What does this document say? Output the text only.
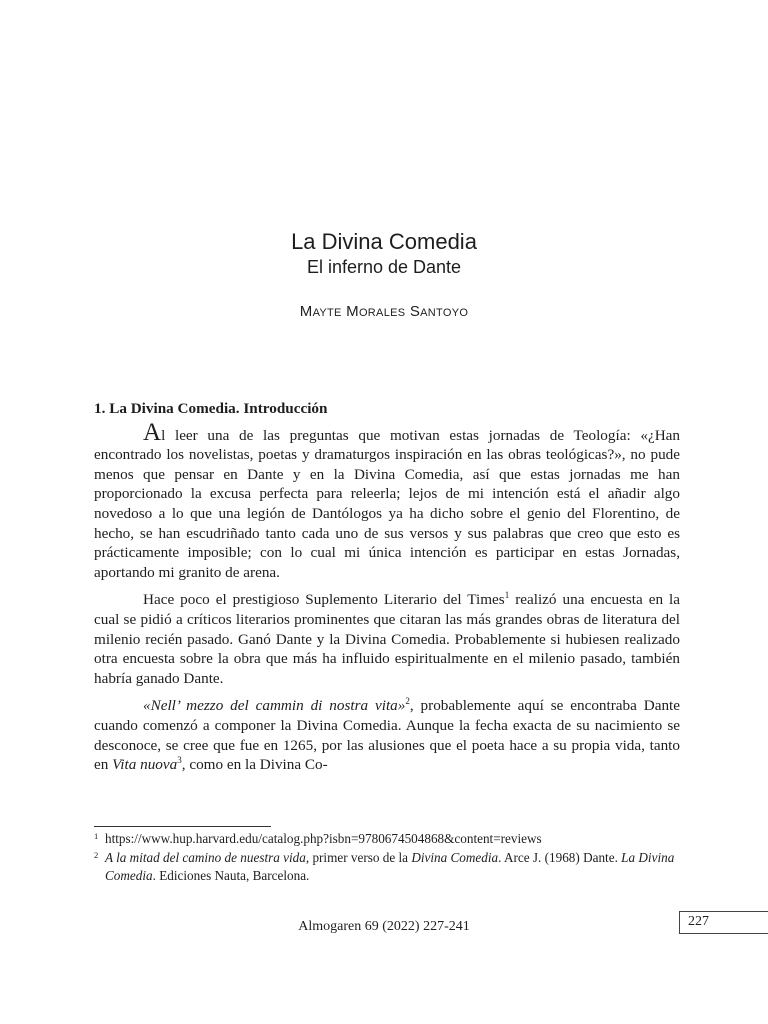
La Divina Comedia
El inferno de Dante
Mayte Morales Santoyo
1. La Divina Comedia. Introducción

Al leer una de las preguntas que motivan estas jornadas de Teología: «¿Han encontrado los novelistas, poetas y dramaturgos inspiración en las obras teológicas?», no pude menos que pensar en Dante y en la Divina Comedia, así que estas jornadas me han proporcionado la excusa perfecta para releerla; lejos de mi intención está el añadir algo novedoso a lo que una legión de Dantólogos ya ha dicho sobre el genio del Florentino, de hecho, se han escudriñado tanto cada uno de sus versos y sus palabras que creo que esto es prácticamente imposible; con lo cual mi única intención es participar en estas Jornadas, aportando mi granito de arena.

Hace poco el prestigioso Suplemento Literario del Times$^1$ realizó una encuesta en la cual se pidió a críticos literarios prominentes que citaran las más grandes obras de literatura del milenio recién pasado. Ganó Dante y la Divina Comedia. Probablemente si hubiesen realizado otra encuesta sobre la obra que más ha influido espiritualmente en el milenio pasado, también habría ganado Dante.

«Nell’ mezzo del cammin di nostra vita»$^2$, probablemente aquí se encontraba Dante cuando comenzó a componer la Divina Comedia. Aunque la fecha exacta de su nacimiento se desconoce, se cree que fue en 1265, por las alusiones que el poeta hace a su propia vida, tanto en Vita nuova$^3$, como en la Divina Co-

1 https://www.hup.harvard.edu/catalog.php?isbn=9780674504868&content=reviews
2 A la mitad del camino de nuestra vida, primer verso de la Divina Comedia. Arce J. (1968) Dante. La Divina Comedia. Ediciones Nauta, Barcelona.
Almogaren 69 (2022) 227-241	227
